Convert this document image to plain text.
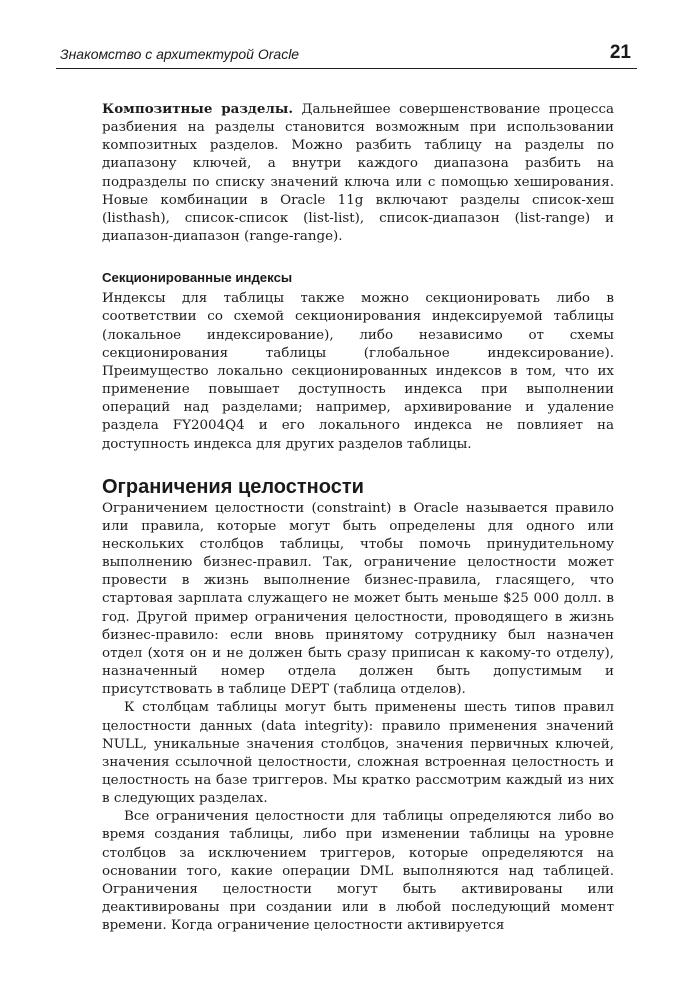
Знакомство с архитектурой Oracle	21

Композитные разделы. Дальнейшее совершенствование процесса разбиения на разделы становится возможным при использовании композитных разделов. Можно разбить таблицу на разделы по диапазону ключей, а внутри каждого диапазона разбить на подразделы по списку значений ключа или с помощью хеширования. Новые комбинации в Oracle 11g включают разделы список-хеш (listhash), список-список (list-list), список-диапазон (list-range) и диапазон-диапазон (range-range).

Секционированные индексы

Индексы для таблицы также можно секционировать либо в соответствии со схемой секционирования индексируемой таблицы (локальное индексирование), либо независимо от схемы секционирования таблицы (глобальное индексирование). Преимущество локально секционированных индексов в том, что их применение повышает доступность индекса при выполнении операций над разделами; например, архивирование и удаление раздела FY2004Q4 и его локального индекса не повлияет на доступность индекса для других разделов таблицы.

Ограничения целостности

Ограничением целостности (constraint) в Oracle называется правило или правила, которые могут быть определены для одного или нескольких столбцов таблицы, чтобы помочь принудительному выполнению бизнес-правил. Так, ограничение целостности может провести в жизнь выполнение бизнес-правила, гласящего, что стартовая зарплата служащего не может быть меньше $25 000 долл. в год. Другой пример ограничения целостности, проводящего в жизнь бизнес-правило: если вновь принятому сотруднику был назначен отдел (хотя он и не должен быть сразу приписан к какому-то отделу), назначенный номер отдела должен быть допустимым и присутствовать в таблице DEPT (таблица отделов).

К столбцам таблицы могут быть применены шесть типов правил целостности данных (data integrity): правило применения значений NULL, уникальные значения столбцов, значения первичных ключей, значения ссылочной целостности, сложная встроенная целостность и целостность на базе триггеров. Мы кратко рассмотрим каждый из них в следующих разделах.

Все ограничения целостности для таблицы определяются либо во время создания таблицы, либо при изменении таблицы на уровне столбцов за исключением триггеров, которые определяются на основании того, какие операции DML выполняются над таблицей. Ограничения целостности могут быть активированы или деактивированы при создании или в любой последующий момент времени. Когда ограничение целостности активируется
